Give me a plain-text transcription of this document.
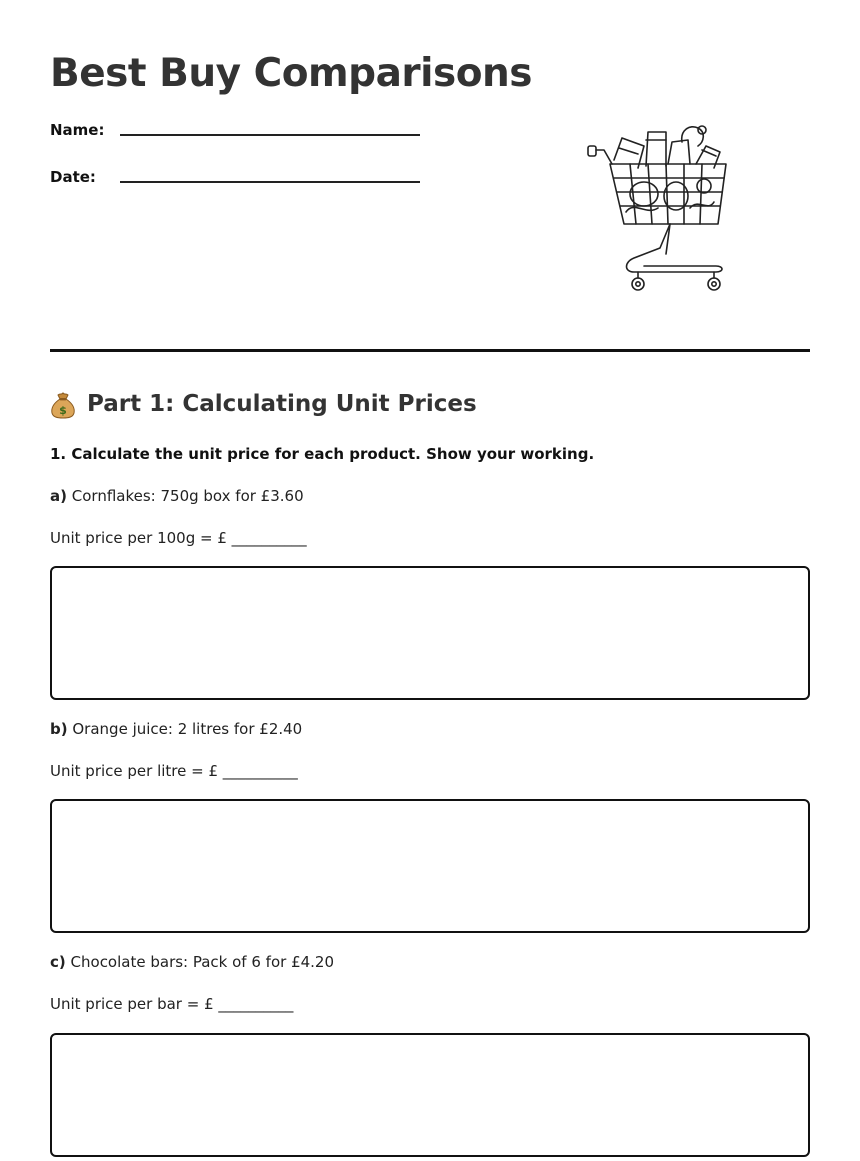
Best Buy Comparisons
Name:
Date:
$ Part 1: Calculating Unit Prices
1. Calculate the unit price for each product. Show your working.
a) Cornflakes: 750g box for £3.60
Unit price per 100g = £ __________
b) Orange juice: 2 litres for £2.40
Unit price per litre = £ __________
c) Chocolate bars: Pack of 6 for £4.20
Unit price per bar = £ __________
